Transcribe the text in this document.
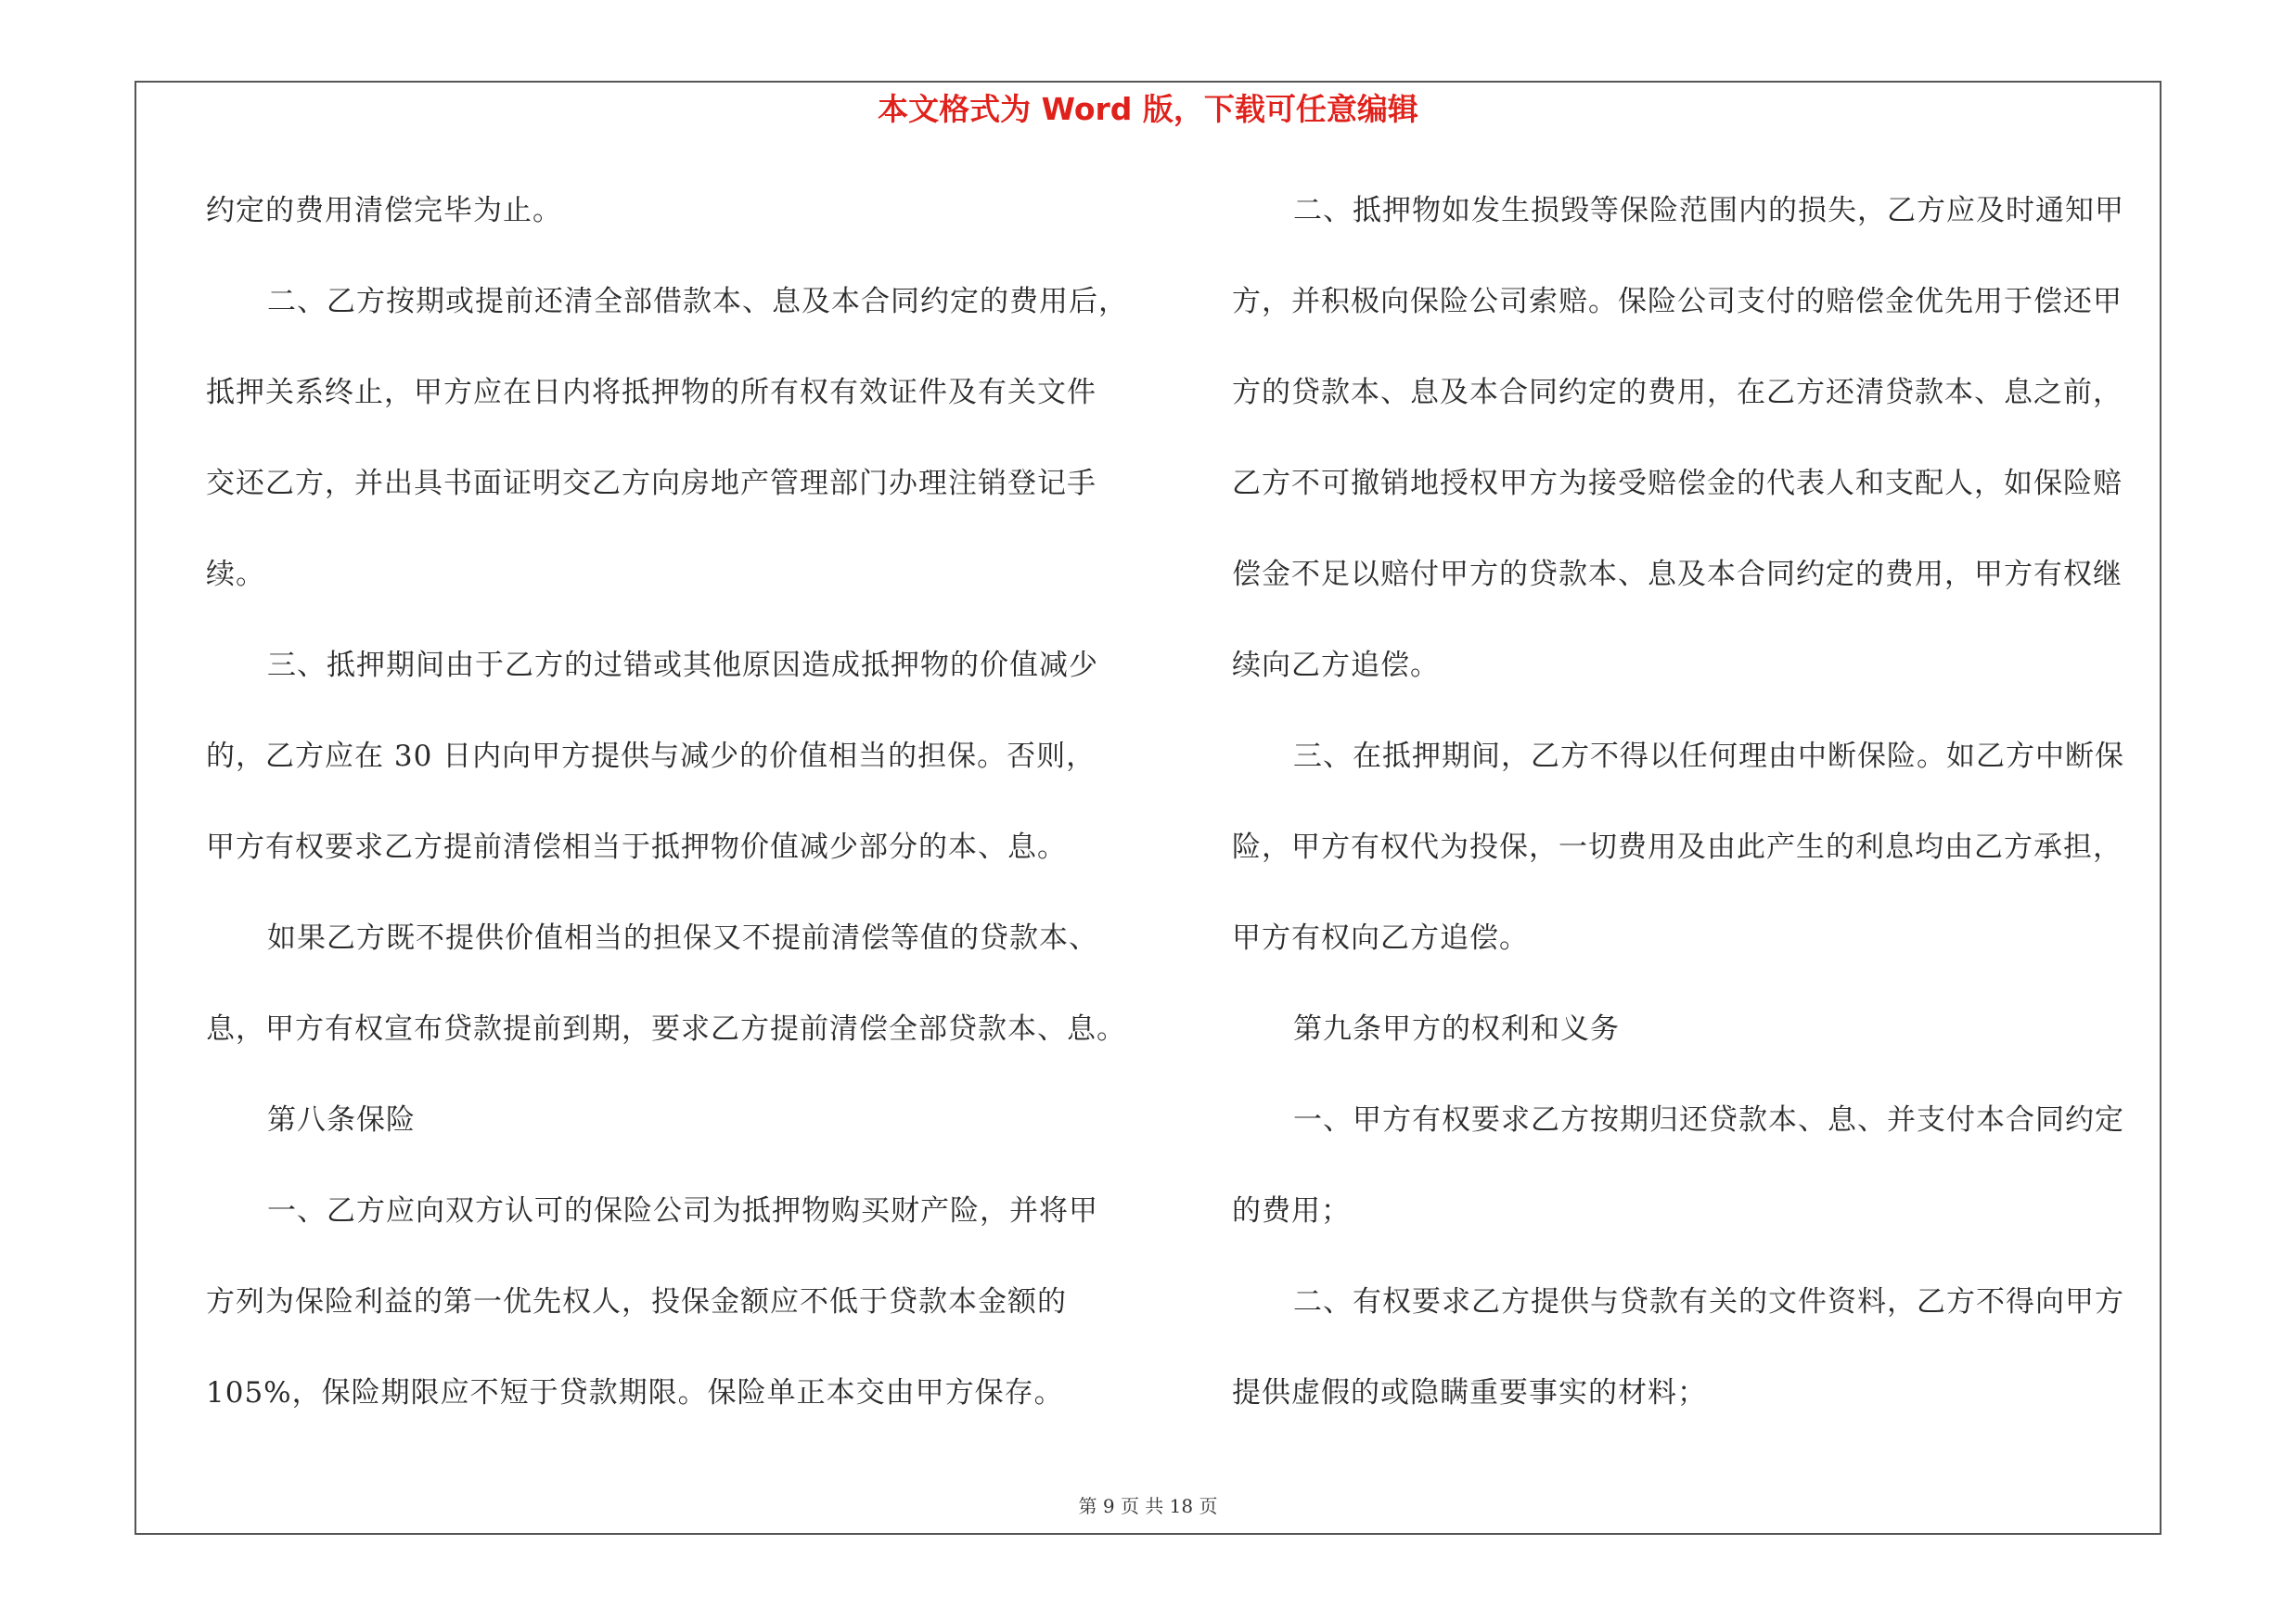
本文格式为 Word 版，下载可任意编辑
约定的费用清偿完毕为止。
二、乙方按期或提前还清全部借款本、息及本合同约定的费用后，
抵押关系终止，甲方应在日内将抵押物的所有权有效证件及有关文件
交还乙方，并出具书面证明交乙方向房地产管理部门办理注销登记手
续。
三、抵押期间由于乙方的过错或其他原因造成抵押物的价值减少
的，乙方应在 30 日内向甲方提供与减少的价值相当的担保。否则，
甲方有权要求乙方提前清偿相当于抵押物价值减少部分的本、息。
如果乙方既不提供价值相当的担保又不提前清偿等值的贷款本、
息，甲方有权宣布贷款提前到期，要求乙方提前清偿全部贷款本、息。
第八条保险
一、乙方应向双方认可的保险公司为抵押物购买财产险，并将甲
方列为保险利益的第一优先权人，投保金额应不低于贷款本金额的
105%，保险期限应不短于贷款期限。保险单正本交由甲方保存。
二、抵押物如发生损毁等保险范围内的损失，乙方应及时通知甲
方，并积极向保险公司索赔。保险公司支付的赔偿金优先用于偿还甲
方的贷款本、息及本合同约定的费用，在乙方还清贷款本、息之前，
乙方不可撤销地授权甲方为接受赔偿金的代表人和支配人，如保险赔
偿金不足以赔付甲方的贷款本、息及本合同约定的费用，甲方有权继
续向乙方追偿。
三、在抵押期间，乙方不得以任何理由中断保险。如乙方中断保
险，甲方有权代为投保，一切费用及由此产生的利息均由乙方承担，
甲方有权向乙方追偿。
第九条甲方的权利和义务
一、甲方有权要求乙方按期归还贷款本、息、并支付本合同约定
的费用；
二、有权要求乙方提供与贷款有关的文件资料，乙方不得向甲方
提供虚假的或隐瞒重要事实的材料；
第 9 页 共 18 页
